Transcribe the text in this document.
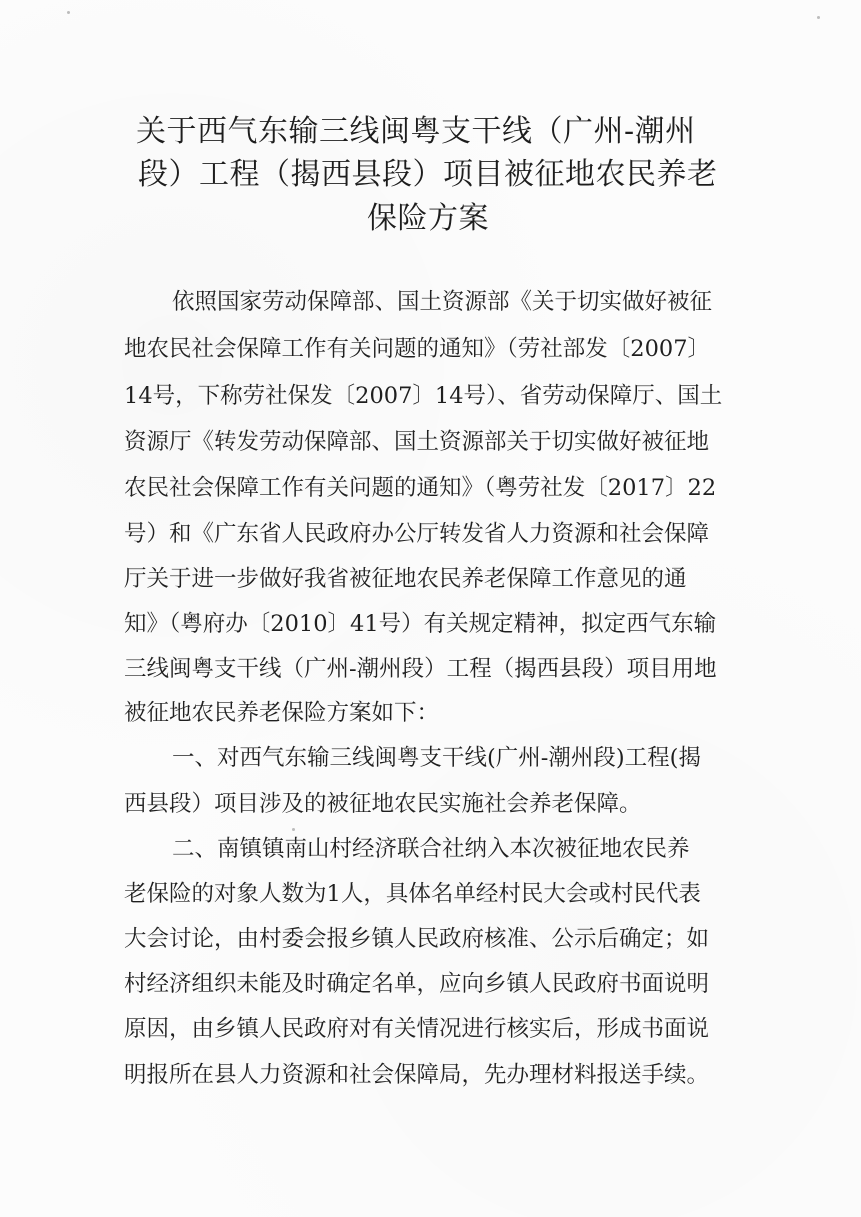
关于西气东输三线闽粤支干线（广州-潮州
段）工程（揭西县段）项目被征地农民养老
保险方案
依照国家劳动保障部、国土资源部《关于切实做好被征
地农民社会保障工作有关问题的通知》（劳社部发〔2007〕
14号，下称劳社保发〔2007〕14号）、省劳动保障厅、国土
资源厅《转发劳动保障部、国土资源部关于切实做好被征地
农民社会保障工作有关问题的通知》（粤劳社发〔2017〕22
号）和《广东省人民政府办公厅转发省人力资源和社会保障
厅关于进一步做好我省被征地农民养老保障工作意见的通
知》（粤府办〔2010〕41号）有关规定精神，拟定西气东输
三线闽粤支干线（广州-潮州段）工程（揭西县段）项目用地
被征地农民养老保险方案如下：
一、对西气东输三线闽粤支干线(广州-潮州段)工程(揭
西县段）项目涉及的被征地农民实施社会养老保障。
二、南镇镇南山村经济联合社纳入本次被征地农民养
老保险的对象人数为1人，具体名单经村民大会或村民代表
大会讨论，由村委会报乡镇人民政府核准、公示后确定；如
村经济组织未能及时确定名单，应向乡镇人民政府书面说明
原因，由乡镇人民政府对有关情况进行核实后，形成书面说
明报所在县人力资源和社会保障局，先办理材料报送手续。
